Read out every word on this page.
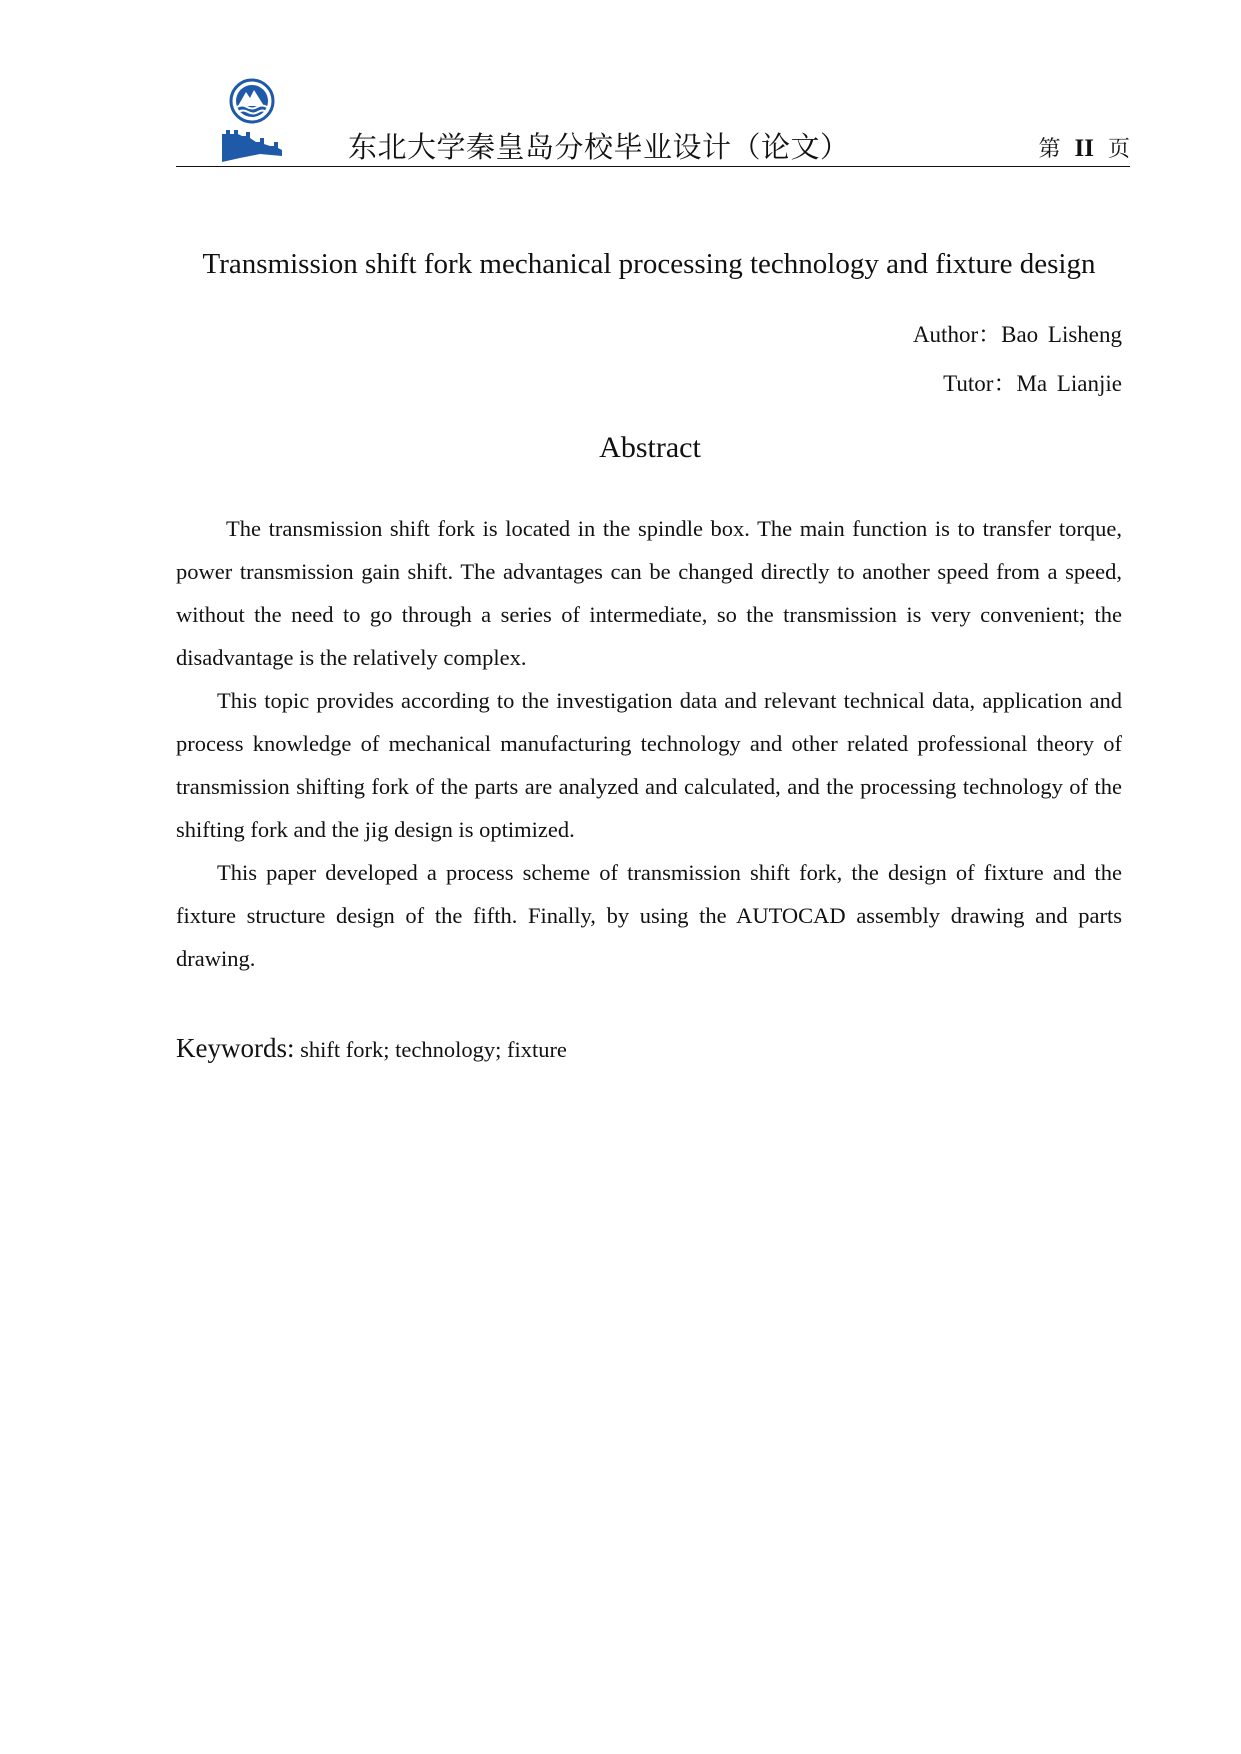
东北大学秦皇岛分校毕业设计（论文）	第 II 页
Transmission shift fork mechanical processing technology and fixture design
Author：Bao Lisheng
Tutor：Ma Lianjie
Abstract

The transmission shift fork is located in the spindle box. The main function is to transfer torque, power transmission gain shift. The advantages can be changed directly to another speed from a speed, without the need to go through a series of intermediate, so the transmission is very convenient; the disadvantage is the relatively complex.

This topic provides according to the investigation data and relevant technical data, application and process knowledge of mechanical manufacturing technology and other related professional theory of transmission shifting fork of the parts are analyzed and calculated, and the processing technology of the shifting fork and the jig design is optimized.

This paper developed a process scheme of transmission shift fork, the design of fixture and the fixture structure design of the fifth. Finally, by using the AUTOCAD assembly drawing and parts drawing.

Keywords: shift fork; technology; fixture
